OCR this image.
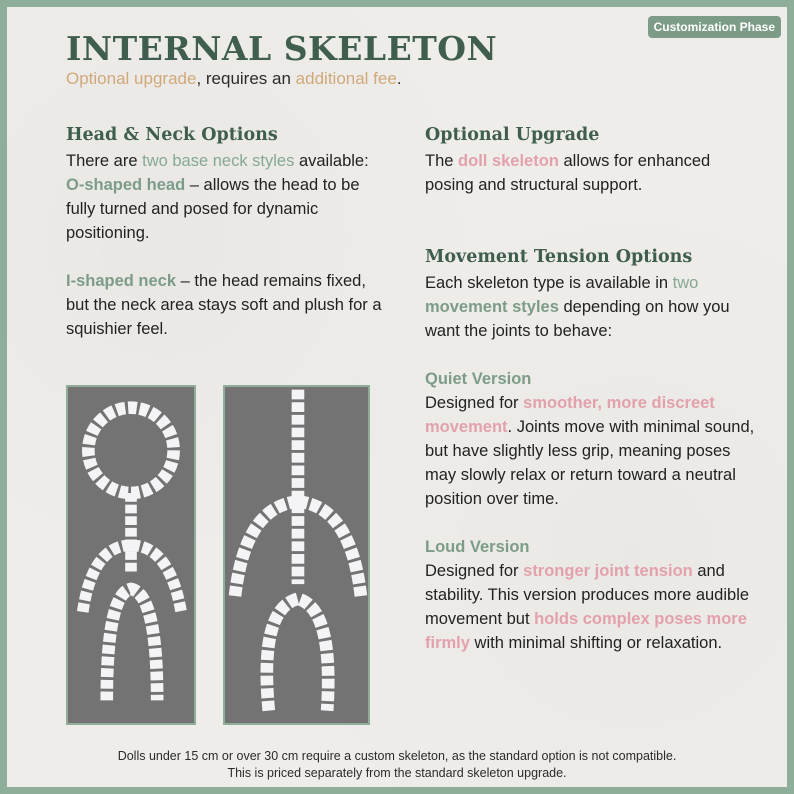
Customization Phase
INTERNAL SKELETON

Optional upgrade, requires an additional fee.

Head & Neck Options

There are two base neck styles available:

O-shaped head – allows the head to be fully turned and posed for dynamic positioning.

I-shaped neck – the head remains fixed, but the neck area stays soft and plush for a squishier feel.

Optional Upgrade

The doll skeleton allows for enhanced posing and structural support.

Movement Tension Options

Each skeleton type is available in two movement styles depending on how you want the joints to behave:

Quiet Version

Designed for smoother, more discreet movement. Joints move with minimal sound, but have slightly less grip, meaning poses may slowly relax or return toward a neutral position over time.

Loud Version

Designed for stronger joint tension and stability. This version produces more audible movement but holds complex poses more firmly with minimal shifting or relaxation.

Dolls under 15 cm or over 30 cm require a custom skeleton, as the standard option is not compatible.
This is priced separately from the standard skeleton upgrade.
